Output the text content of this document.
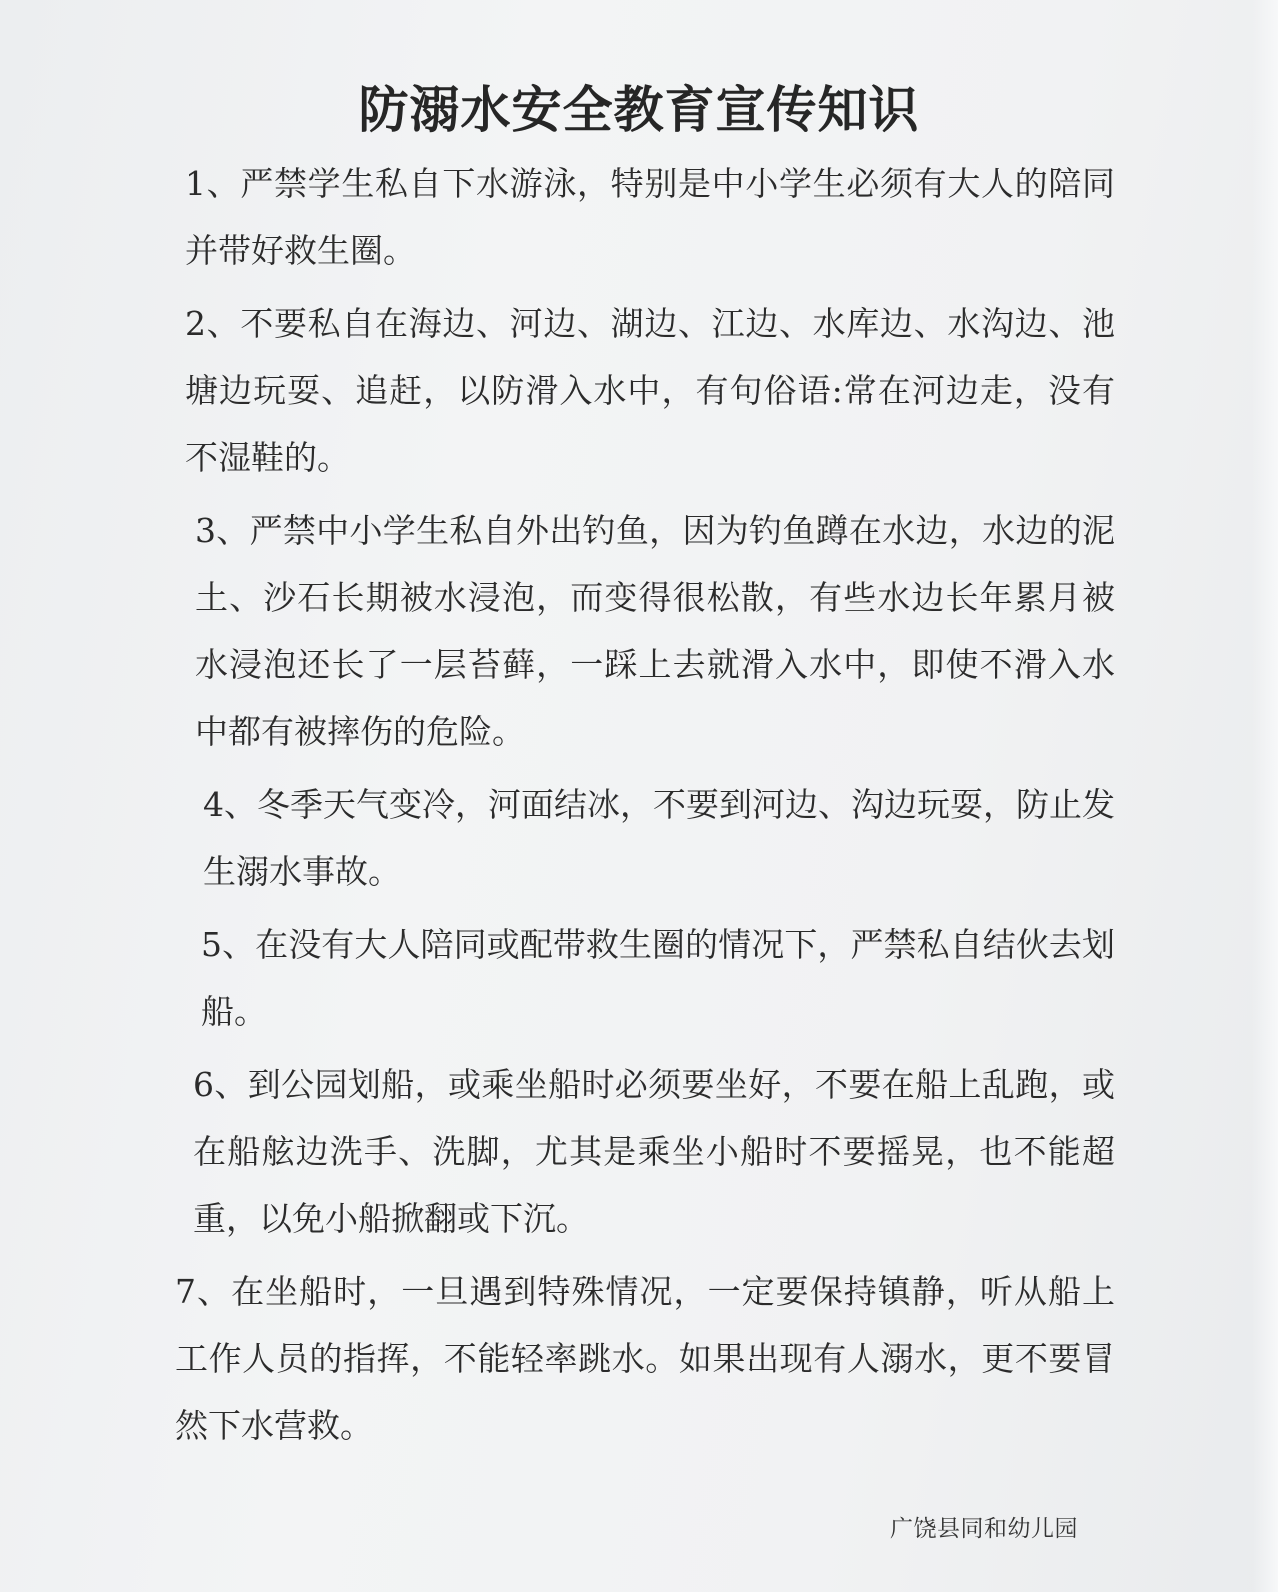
防溺水安全教育宣传知识

1、严禁学生私自下水游泳，特别是中小学生必须有大人的陪同并带好救生圈。

2、不要私自在海边、河边、湖边、江边、水库边、水沟边、池塘边玩耍、追赶，以防滑入水中，有句俗语:常在河边走，没有不湿鞋的。

3、严禁中小学生私自外出钓鱼，因为钓鱼蹲在水边，水边的泥土、沙石长期被水浸泡，而变得很松散，有些水边长年累月被水浸泡还长了一层苔藓，一踩上去就滑入水中，即使不滑入水中都有被摔伤的危险。

4、冬季天气变冷，河面结冰，不要到河边、沟边玩耍，防止发生溺水事故。

5、在没有大人陪同或配带救生圈的情况下，严禁私自结伙去划船。

6、到公园划船，或乘坐船时必须要坐好，不要在船上乱跑，或在船舷边洗手、洗脚，尤其是乘坐小船时不要摇晃，也不能超重，以免小船掀翻或下沉。

7、在坐船时，一旦遇到特殊情况，一定要保持镇静，听从船上工作人员的指挥，不能轻率跳水。如果出现有人溺水，更不要冒然下水营救。

广饶县同和幼儿园
